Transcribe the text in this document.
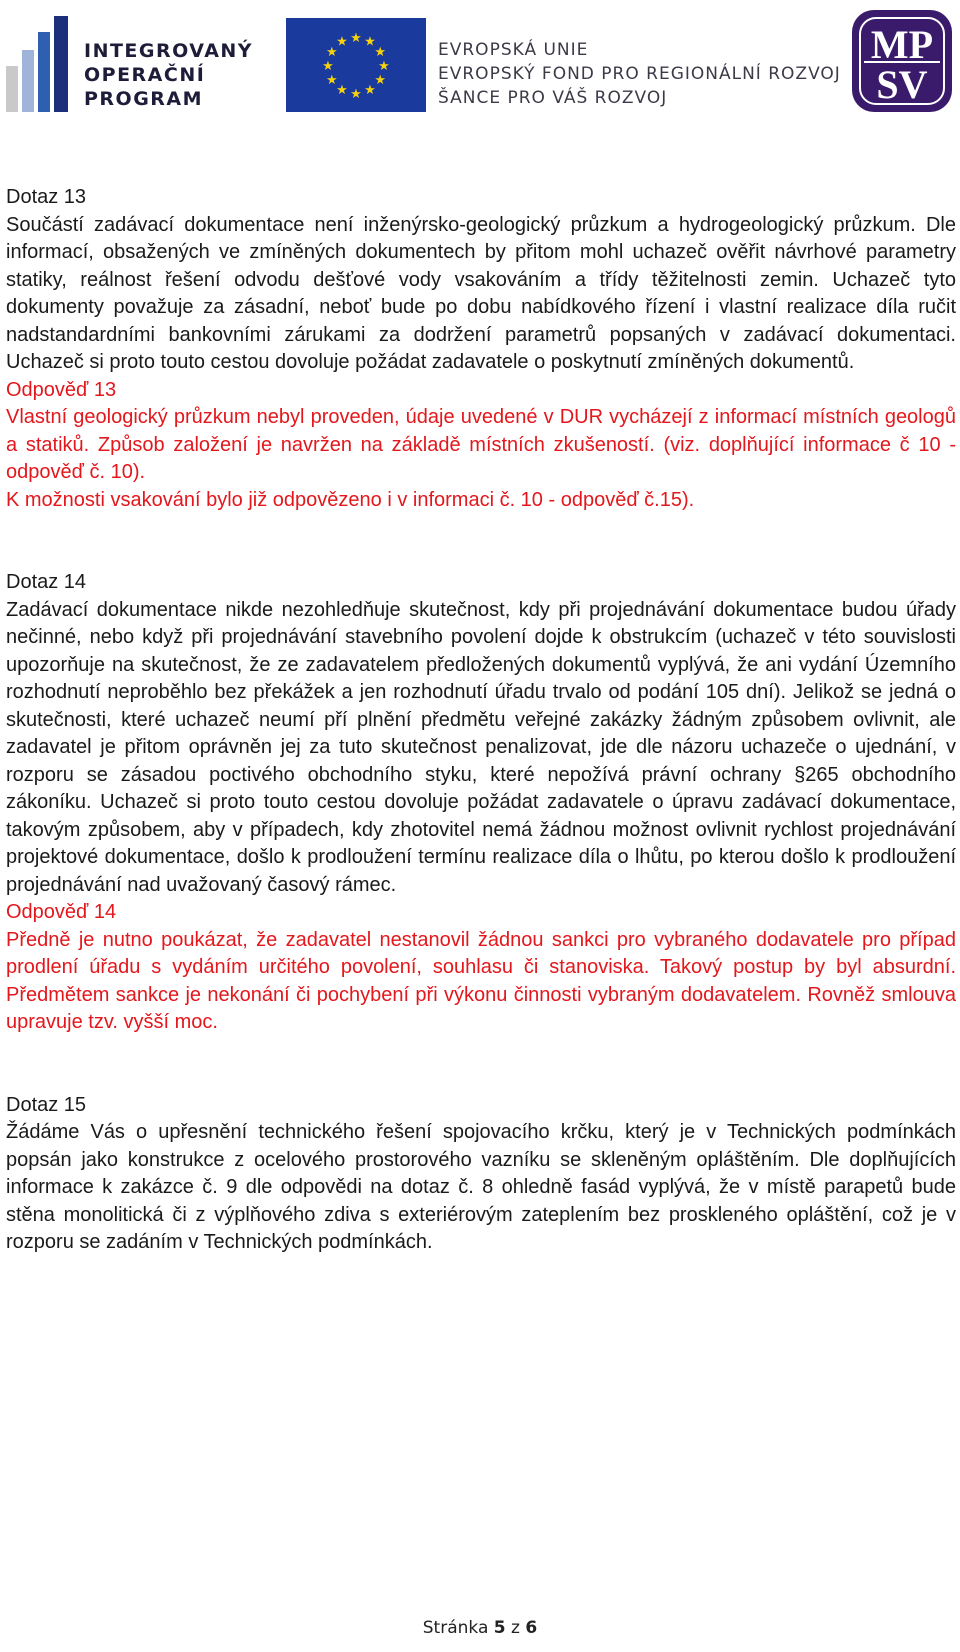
INTEGROVANÝ
OPERAČNÍ
PROGRAM
★ ★
★
★
★
★
★
★
★
★
★
★	EVROPSKÁ UNIE
EVROPSKÝ FOND PRO REGIONÁLNÍ ROZVOJ
ŠANCE PRO VÁŠ ROZVOJ
MP
SV

Dotaz 13

Součástí zadávací dokumentace není inženýrsko-geologický průzkum a hydrogeologický průzkum. Dle informací, obsažených ve zmíněných dokumentech by přitom mohl uchazeč ověřit návrhové parametry statiky, reálnost řešení odvodu dešťové vody vsakováním a třídy těžitelnosti zemin. Uchazeč tyto dokumenty považuje za zásadní, neboť bude po dobu nabídkového řízení i vlastní realizace díla ručit nadstandardními bankovními zárukami za dodržení parametrů popsaných v zadávací dokumentaci. Uchazeč si proto touto cestou dovoluje požádat zadavatele o poskytnutí zmíněných dokumentů.

Odpověď 13

Vlastní geologický průzkum nebyl proveden, údaje uvedené v DUR vycházejí z informací místních geologů a statiků. Způsob založení je navržen na základě místních zkušeností. (viz. doplňující informace č 10 - odpověď č. 10).

K možnosti vsakování bylo již odpovězeno i v informaci č. 10 - odpověď č.15).

Dotaz 14

Zadávací dokumentace nikde nezohledňuje skutečnost, kdy při projednávání dokumentace budou úřady nečinné, nebo když při projednávání stavebního povolení dojde k obstrukcím (uchazeč v této souvislosti upozorňuje na skutečnost, že ze zadavatelem předložených dokumentů vyplývá, že ani vydání Územního rozhodnutí neproběhlo bez překážek a jen rozhodnutí úřadu trvalo od podání 105 dní). Jelikož se jedná o skutečnosti, které uchazeč neumí pří plnění předmětu veřejné zakázky žádným způsobem ovlivnit, ale zadavatel je přitom oprávněn jej za tuto skutečnost penalizovat, jde dle názoru uchazeče o ujednání, v rozporu se zásadou poctivého obchodního styku, které nepožívá právní ochrany §265 obchodního zákoníku. Uchazeč si proto touto cestou dovoluje požádat zadavatele o úpravu zadávací dokumentace, takovým způsobem, aby v případech, kdy zhotovitel nemá žádnou možnost ovlivnit rychlost projednávání projektové dokumentace, došlo k prodloužení termínu realizace díla o lhůtu, po kterou došlo k prodloužení projednávání nad uvažovaný časový rámec.

Odpověď 14

Předně je nutno poukázat, že zadavatel nestanovil žádnou sankci pro vybraného dodavatele pro případ prodlení úřadu s vydáním určitého povolení, souhlasu či stanoviska. Takový postup by byl absurdní. Předmětem sankce je nekonání či pochybení při výkonu činnosti vybraným dodavatelem. Rovněž smlouva upravuje tzv. vyšší moc.

Dotaz 15

Žádáme Vás o upřesnění technického řešení spojovacího krčku, který je v Technických podmínkách popsán jako konstrukce z ocelového prostorového vazníku se skleněným opláštěním. Dle doplňujících informace k zakázce č. 9 dle odpovědi na dotaz č. 8 ohledně fasád vyplývá, že v místě parapetů bude stěna monolitická či z výplňového zdiva s exteriérovým zateplením bez proskleného opláštění, což je v rozporu se zadáním v Technických podmínkách.

Stránka 5 z 6
